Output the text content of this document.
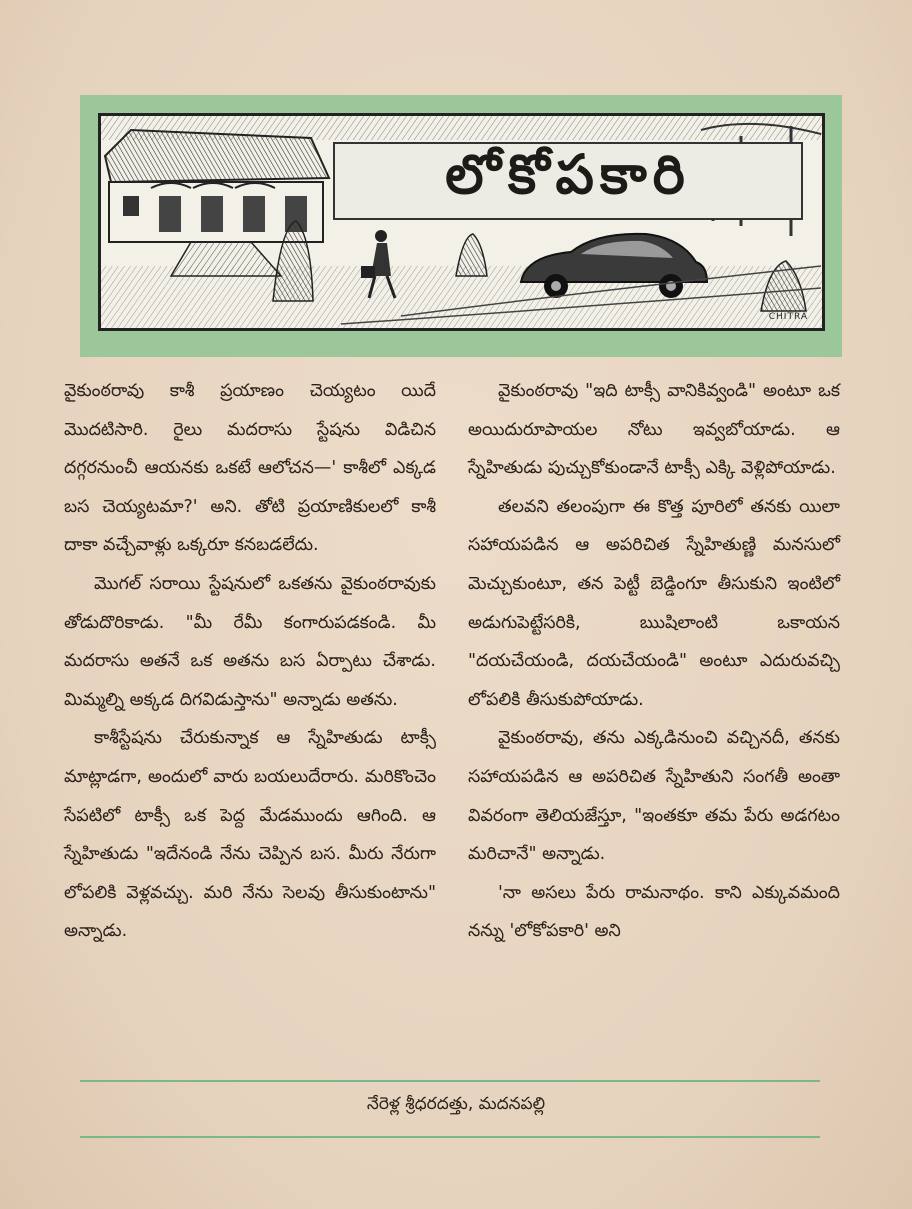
లోకోపకారి
CHITRA

వైకుంఠరావు కాశీ ప్రయాణం చెయ్యటం యిదే మొదటిసారి. రైలు మదరాసు స్టేషను విడిచిన దగ్గరనుంచీ ఆయనకు ఒకటే ఆలోచన—' కాశీలో ఎక్కడ బస చెయ్యటమా?' అని. తోటి ప్రయాణికులలో కాశీ దాకా వచ్చేవాళ్లు ఒక్కరూ కనబడలేదు.

మొగల్ సరాయి స్టేషనులో ఒకతను వైకుంఠరావుకు తోడుదొరికాడు. "మీ రేమీ కంగారుపడకండి. మీ మదరాసు అతనే ఒక అతను బస ఏర్పాటు చేశాడు. మిమ్మల్ని అక్కడ దిగవిడుస్తాను" అన్నాడు అతను.

కాశీస్టేషను చేరుకున్నాక ఆ స్నేహితుడు టాక్సీ మాట్లాడగా, అందులో వారు బయలుదేరారు. మరికొంచెం సేపటిలో టాక్సీ ఒక పెద్ద మేడముందు ఆగింది. ఆ స్నేహితుడు "ఇదేనండి నేను చెప్పిన బస. మీరు నేరుగా లోపలికి వెళ్లవచ్చు. మరి నేను సెలవు తీసుకుంటాను" అన్నాడు.

వైకుంఠరావు "ఇది టాక్సీ వానికివ్వండి" అంటూ ఒక అయిదురూపాయల నోటు ఇవ్వబోయాడు. ఆ స్నేహితుడు పుచ్చుకోకుండానే టాక్సీ ఎక్కి వెళ్లిపోయాడు.

తలవని తలంపుగా ఈ కొత్త పూరిలో తనకు యిలా సహాయపడిన ఆ అపరిచిత స్నేహితుణ్ణి మనసులో మెచ్చుకుంటూ, తన పెట్టీ బెడ్డింగూ తీసుకుని ఇంటిలో అడుగుపెట్టేసరికి, ఋషిలాంటి ఒకాయన "దయచేయండి, దయచేయండి" అంటూ ఎదురువచ్చి లోపలికి తీసుకుపోయాడు.

వైకుంఠరావు, తను ఎక్కడినుంచి వచ్చినదీ, తనకు సహాయపడిన ఆ అపరిచిత స్నేహితుని సంగతీ అంతా వివరంగా తెలియజేస్తూ, "ఇంతకూ తమ పేరు అడగటం మరిచానే" అన్నాడు.

'నా అసలు పేరు రామనాథం. కాని ఎక్కువమంది నన్ను 'లోకోపకారి' అని

నేరెళ్ల శ్రీధరదత్తు, మదనపల్లి
